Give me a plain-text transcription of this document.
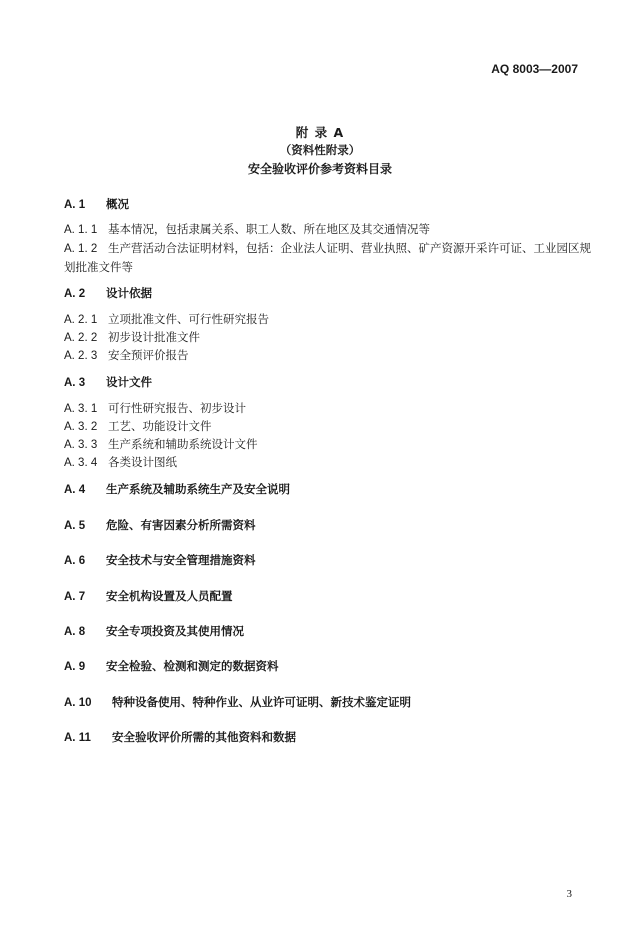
AQ 8003—2007
附 录 A
（资料性附录）
安全验收评价参考资料目录
A. 1 概况
A. 1. 1 基本情况，包括隶属关系、职工人数、所在地区及其交通情况等
A. 1. 2 生产营活动合法证明材料，包括：企业法人证明、营业执照、矿产资源开采许可证、工业园区规
划批准文件等
A. 2 设计依据
A. 2. 1 立项批准文件、可行性研究报告
A. 2. 2 初步设计批准文件
A. 2. 3 安全预评价报告
A. 3 设计文件
A. 3. 1 可行性研究报告、初步设计
A. 3. 2 工艺、功能设计文件
A. 3. 3 生产系统和辅助系统设计文件
A. 3. 4 各类设计图纸
A. 4 生产系统及辅助系统生产及安全说明
A. 5 危险、有害因素分析所需资料
A. 6 安全技术与安全管理措施资料
A. 7 安全机构设置及人员配置
A. 8 安全专项投资及其使用情况
A. 9 安全检验、检测和测定的数据资料
A. 10 特种设备使用、特种作业、从业许可证明、新技术鉴定证明
A. 11 安全验收评价所需的其他资料和数据
3
